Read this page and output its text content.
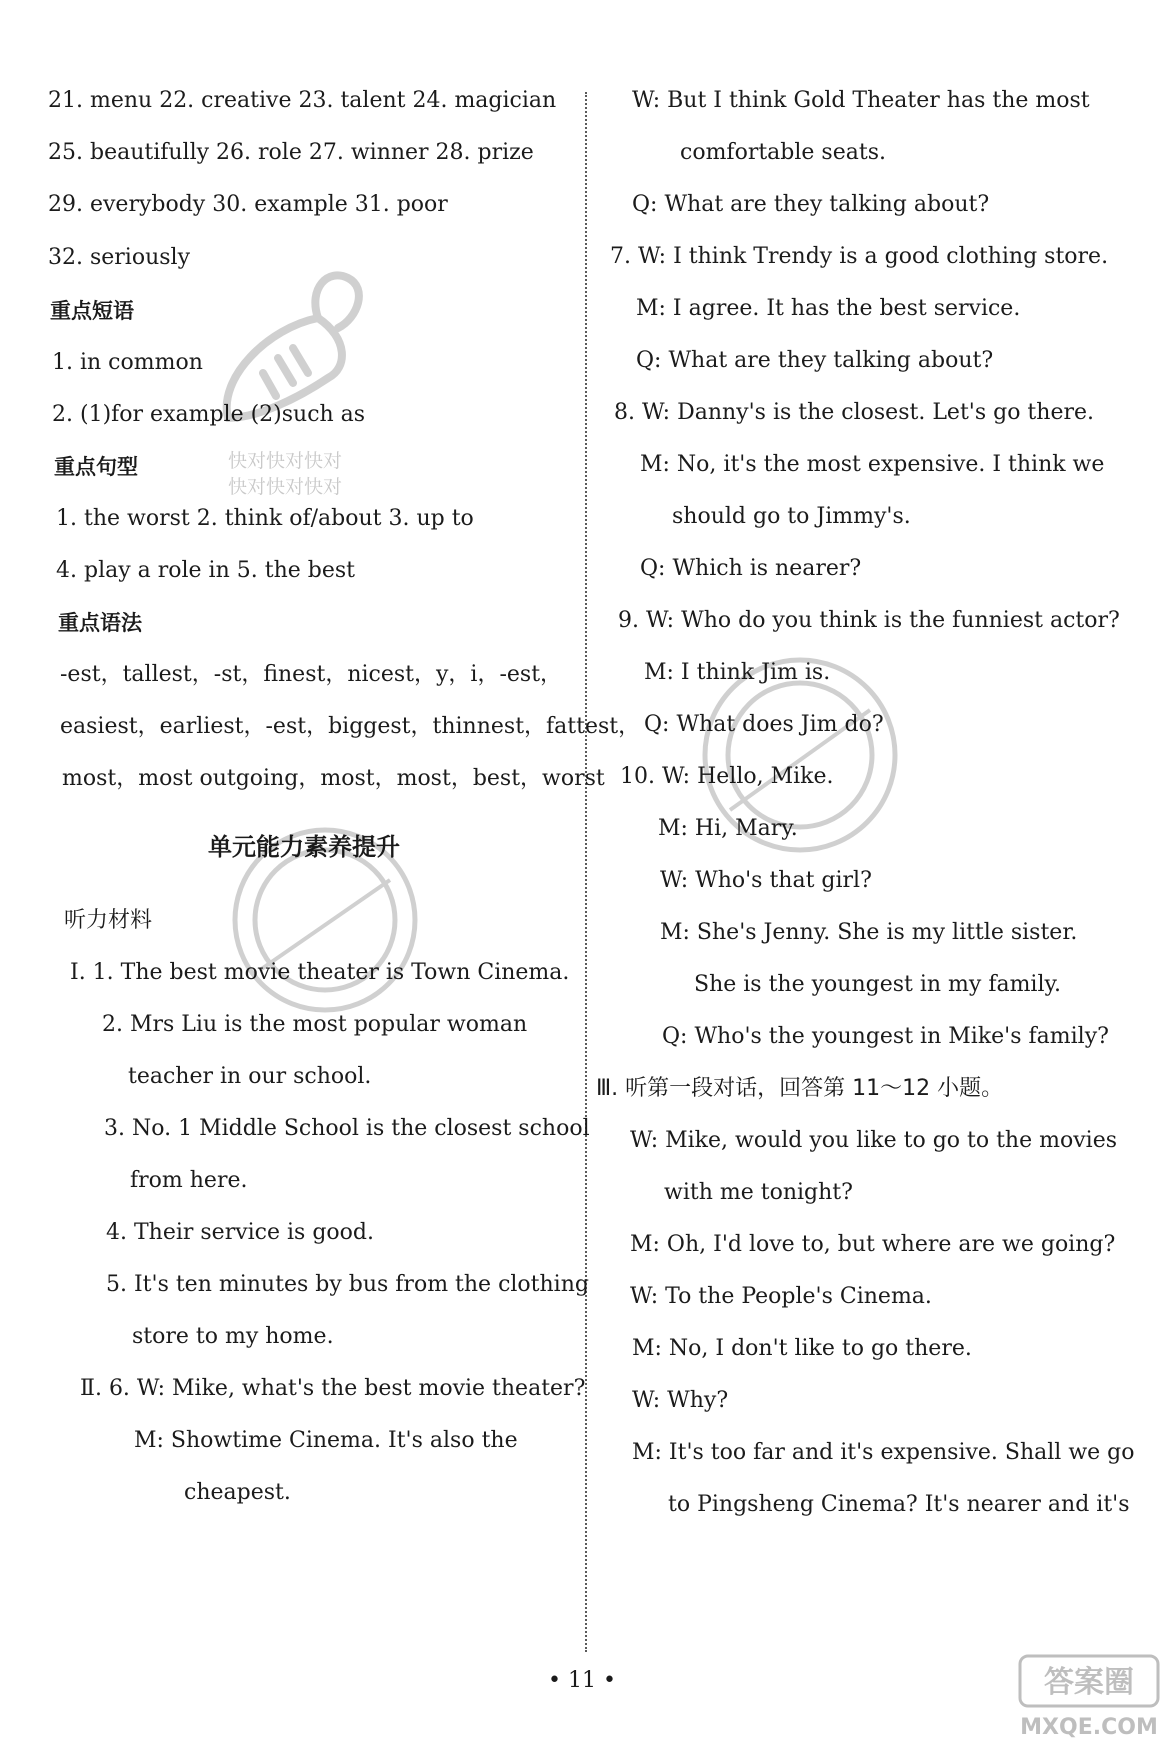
21. menu 22. creative 23. talent 24. magician
25. beautifully 26. role 27. winner 28. prize
29. everybody 30. example 31. poor
32. seriously
重点短语
1. in common
2. (1)for example (2)such as
重点句型
1. the worst 2. think of/about 3. up to
4. play a role in 5. the best
重点语法
-est，tallest，-st，finest，nicest，y，i，-est，
easiest，earliest，-est，biggest，thinnest，fattest，
most，most outgoing，most，most，best，worst
单元能力素养提升
听力材料
Ⅰ. 1. The best movie theater is Town Cinema.
2. Mrs Liu is the most popular woman
teacher in our school.
3. No. 1 Middle School is the closest school
from here.
4. Their service is good.
5. It's ten minutes by bus from the clothing
store to my home.
Ⅱ. 6. W: Mike, what's the best movie theater?
M: Showtime Cinema. It's also the
cheapest.
W: But I think Gold Theater has the most
comfortable seats.
Q: What are they talking about?
7. W: I think Trendy is a good clothing store.
M: I agree. It has the best service.
Q: What are they talking about?
8. W: Danny's is the closest. Let's go there.
M: No, it's the most expensive. I think we
should go to Jimmy's.
Q: Which is nearer?
9. W: Who do you think is the funniest actor?
M: I think Jim is.
Q: What does Jim do?
10. W: Hello, Mike.
M: Hi, Mary.
W: Who's that girl?
M: She's Jenny. She is my little sister.
She is the youngest in my family.
Q: Who's the youngest in Mike's family?
Ⅲ. 听第一段对话，回答第 11～12 小题。
W: Mike, would you like to go to the movies
with me tonight?
M: Oh, I'd love to, but where are we going?
W: To the People's Cinema.
M: No, I don't like to go there.
W: Why?
M: It's too far and it's expensive. Shall we go
to Pingsheng Cinema? It's nearer and it's
快对快对快对
快对快对快对
• 11 •	答案圈
MXQE.COM
